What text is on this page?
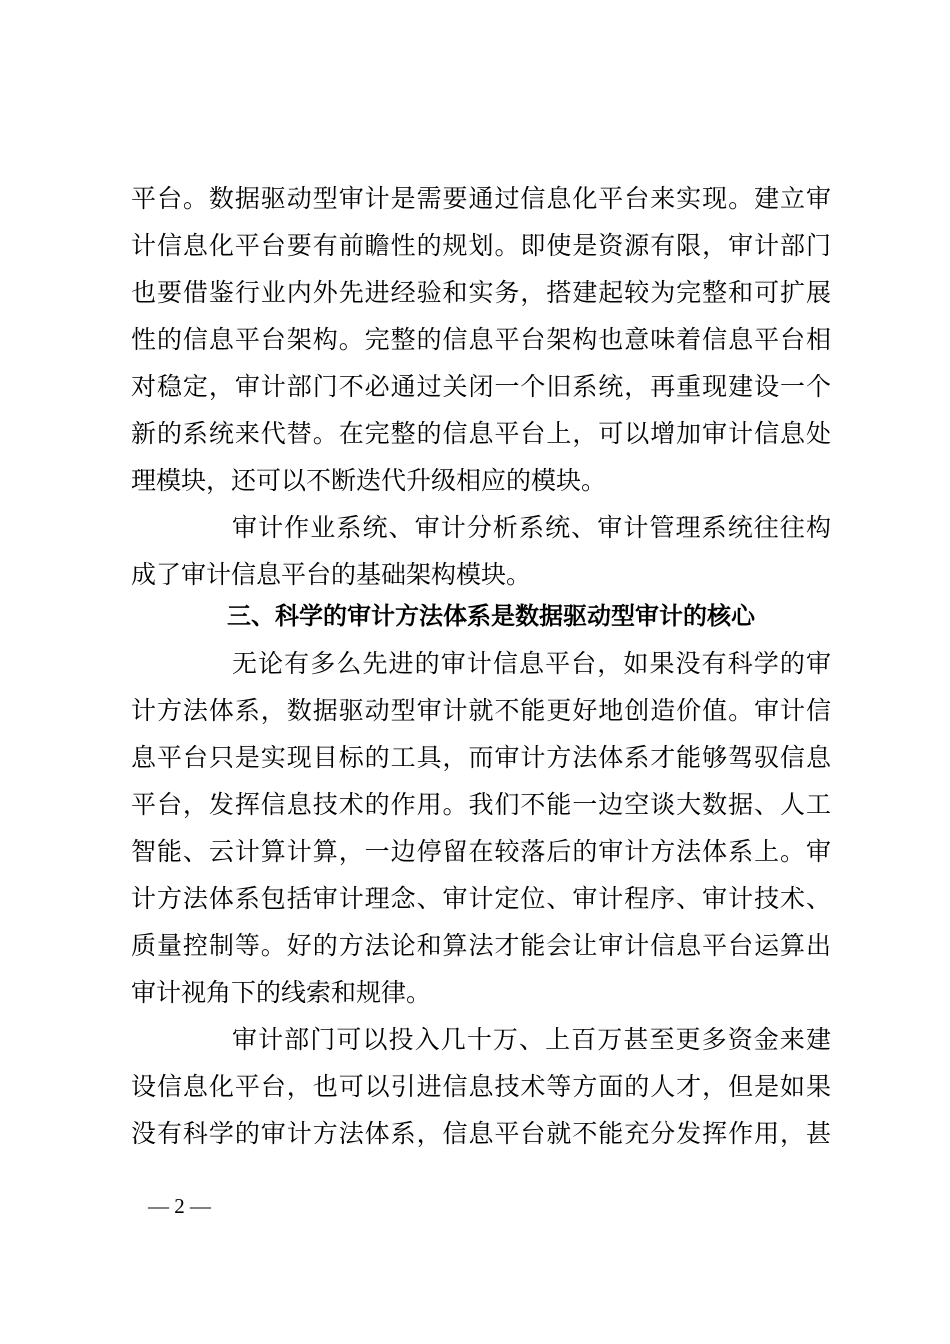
平台。数据驱动型审计是需要通过信息化平台来实现。建立审
计信息化平台要有前瞻性的规划。即使是资源有限，审计部门
也要借鉴行业内外先进经验和实务，搭建起较为完整和可扩展
性的信息平台架构。完整的信息平台架构也意味着信息平台相
对稳定，审计部门不必通过关闭一个旧系统，再重现建设一个
新的系统来代替。在完整的信息平台上，可以增加审计信息处
理模块，还可以不断迭代升级相应的模块。
审计作业系统、审计分析系统、审计管理系统往往构
成了审计信息平台的基础架构模块。
三、科学的审计方法体系是数据驱动型审计的核心
无论有多么先进的审计信息平台，如果没有科学的审
计方法体系，数据驱动型审计就不能更好地创造价值。审计信
息平台只是实现目标的工具，而审计方法体系才能够驾驭信息
平台，发挥信息技术的作用。我们不能一边空谈大数据、人工
智能、云计算计算，一边停留在较落后的审计方法体系上。审
计方法体系包括审计理念、审计定位、审计程序、审计技术、
质量控制等。好的方法论和算法才能会让审计信息平台运算出
审计视角下的线索和规律。
审计部门可以投入几十万、上百万甚至更多资金来建
设信息化平台，也可以引进信息技术等方面的人才，但是如果
没有科学的审计方法体系，信息平台就不能充分发挥作用，甚
— 2 —
